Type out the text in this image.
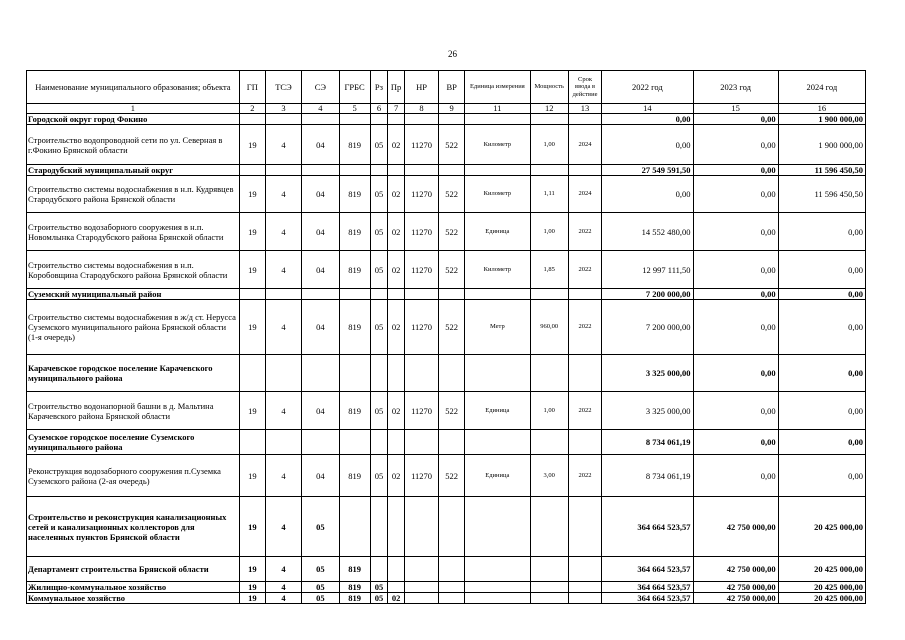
26
Наименование муниципального образования; объекта	ГП	ТСЭ	СЭ	ГРБС	Рз	Пр	НР	ВР	Единица измерения	Мощность	Срок ввода в действие	2022 год	2023 год	2024 год
1	2	3	4	5	6	7	8	9	11	12	13	14	15	16
Городской округ город Фокино												0,00	0,00	1 900 000,00
Строительство водопроводной сети по ул. Северная в г.Фокино Брянской области	19	4	04	819	05	02	11270	522	Километр	1,00	2024	0,00	0,00	1 900 000,00
Стародубский муниципальный округ												27 549 591,50	0,00	11 596 450,50
Строительство системы водоснабжения в н.п. Кудрявцев Стародубского района Брянской области	19	4	04	819	05	02	11270	522	Километр	1,11	2024	0,00	0,00	11 596 450,50
Строительство водозаборного сооружения в н.п. Новомлынка Стародубского района Брянской области	19	4	04	819	05	02	11270	522	Единица	1,00	2022	14 552 480,00	0,00	0,00
Строительство системы водоснабжения в н.п. Коробовщина Стародубского района Брянской области	19	4	04	819	05	02	11270	522	Километр	1,85	2022	12 997 111,50	0,00	0,00
Суземский муниципальный район												7 200 000,00	0,00	0,00
Строительство системы водоснабжения в ж/д ст. Нерусса Суземского муниципального района Брянской области (1-я очередь)	19	4	04	819	05	02	11270	522	Метр	960,00	2022	7 200 000,00	0,00	0,00
Карачевское городское поселение Карачевского муниципального района												3 325 000,00	0,00	0,00
Строительство водонапорной башни в д. Мальтина Карачевского района Брянской области	19	4	04	819	05	02	11270	522	Единица	1,00	2022	3 325 000,00	0,00	0,00
Суземское городское поселение Суземского муниципального района												8 734 061,19	0,00	0,00
Реконструкция водозаборного сооружения п.Суземка Суземского района (2-ая очередь)	19	4	04	819	05	02	11270	522	Единица	3,00	2022	8 734 061,19	0,00	0,00
Строительство и реконструкция канализационных сетей и канализационных коллекторов для населенных пунктов Брянской области	19	4	05									364 664 523,57	42 750 000,00	20 425 000,00
Департамент строительства Брянской области	19	4	05	819								364 664 523,57	42 750 000,00	20 425 000,00
Жилищно-коммунальное хозяйство	19	4	05	819	05							364 664 523,57	42 750 000,00	20 425 000,00
Коммунальное хозяйство	19	4	05	819	05	02						364 664 523,57	42 750 000,00	20 425 000,00
